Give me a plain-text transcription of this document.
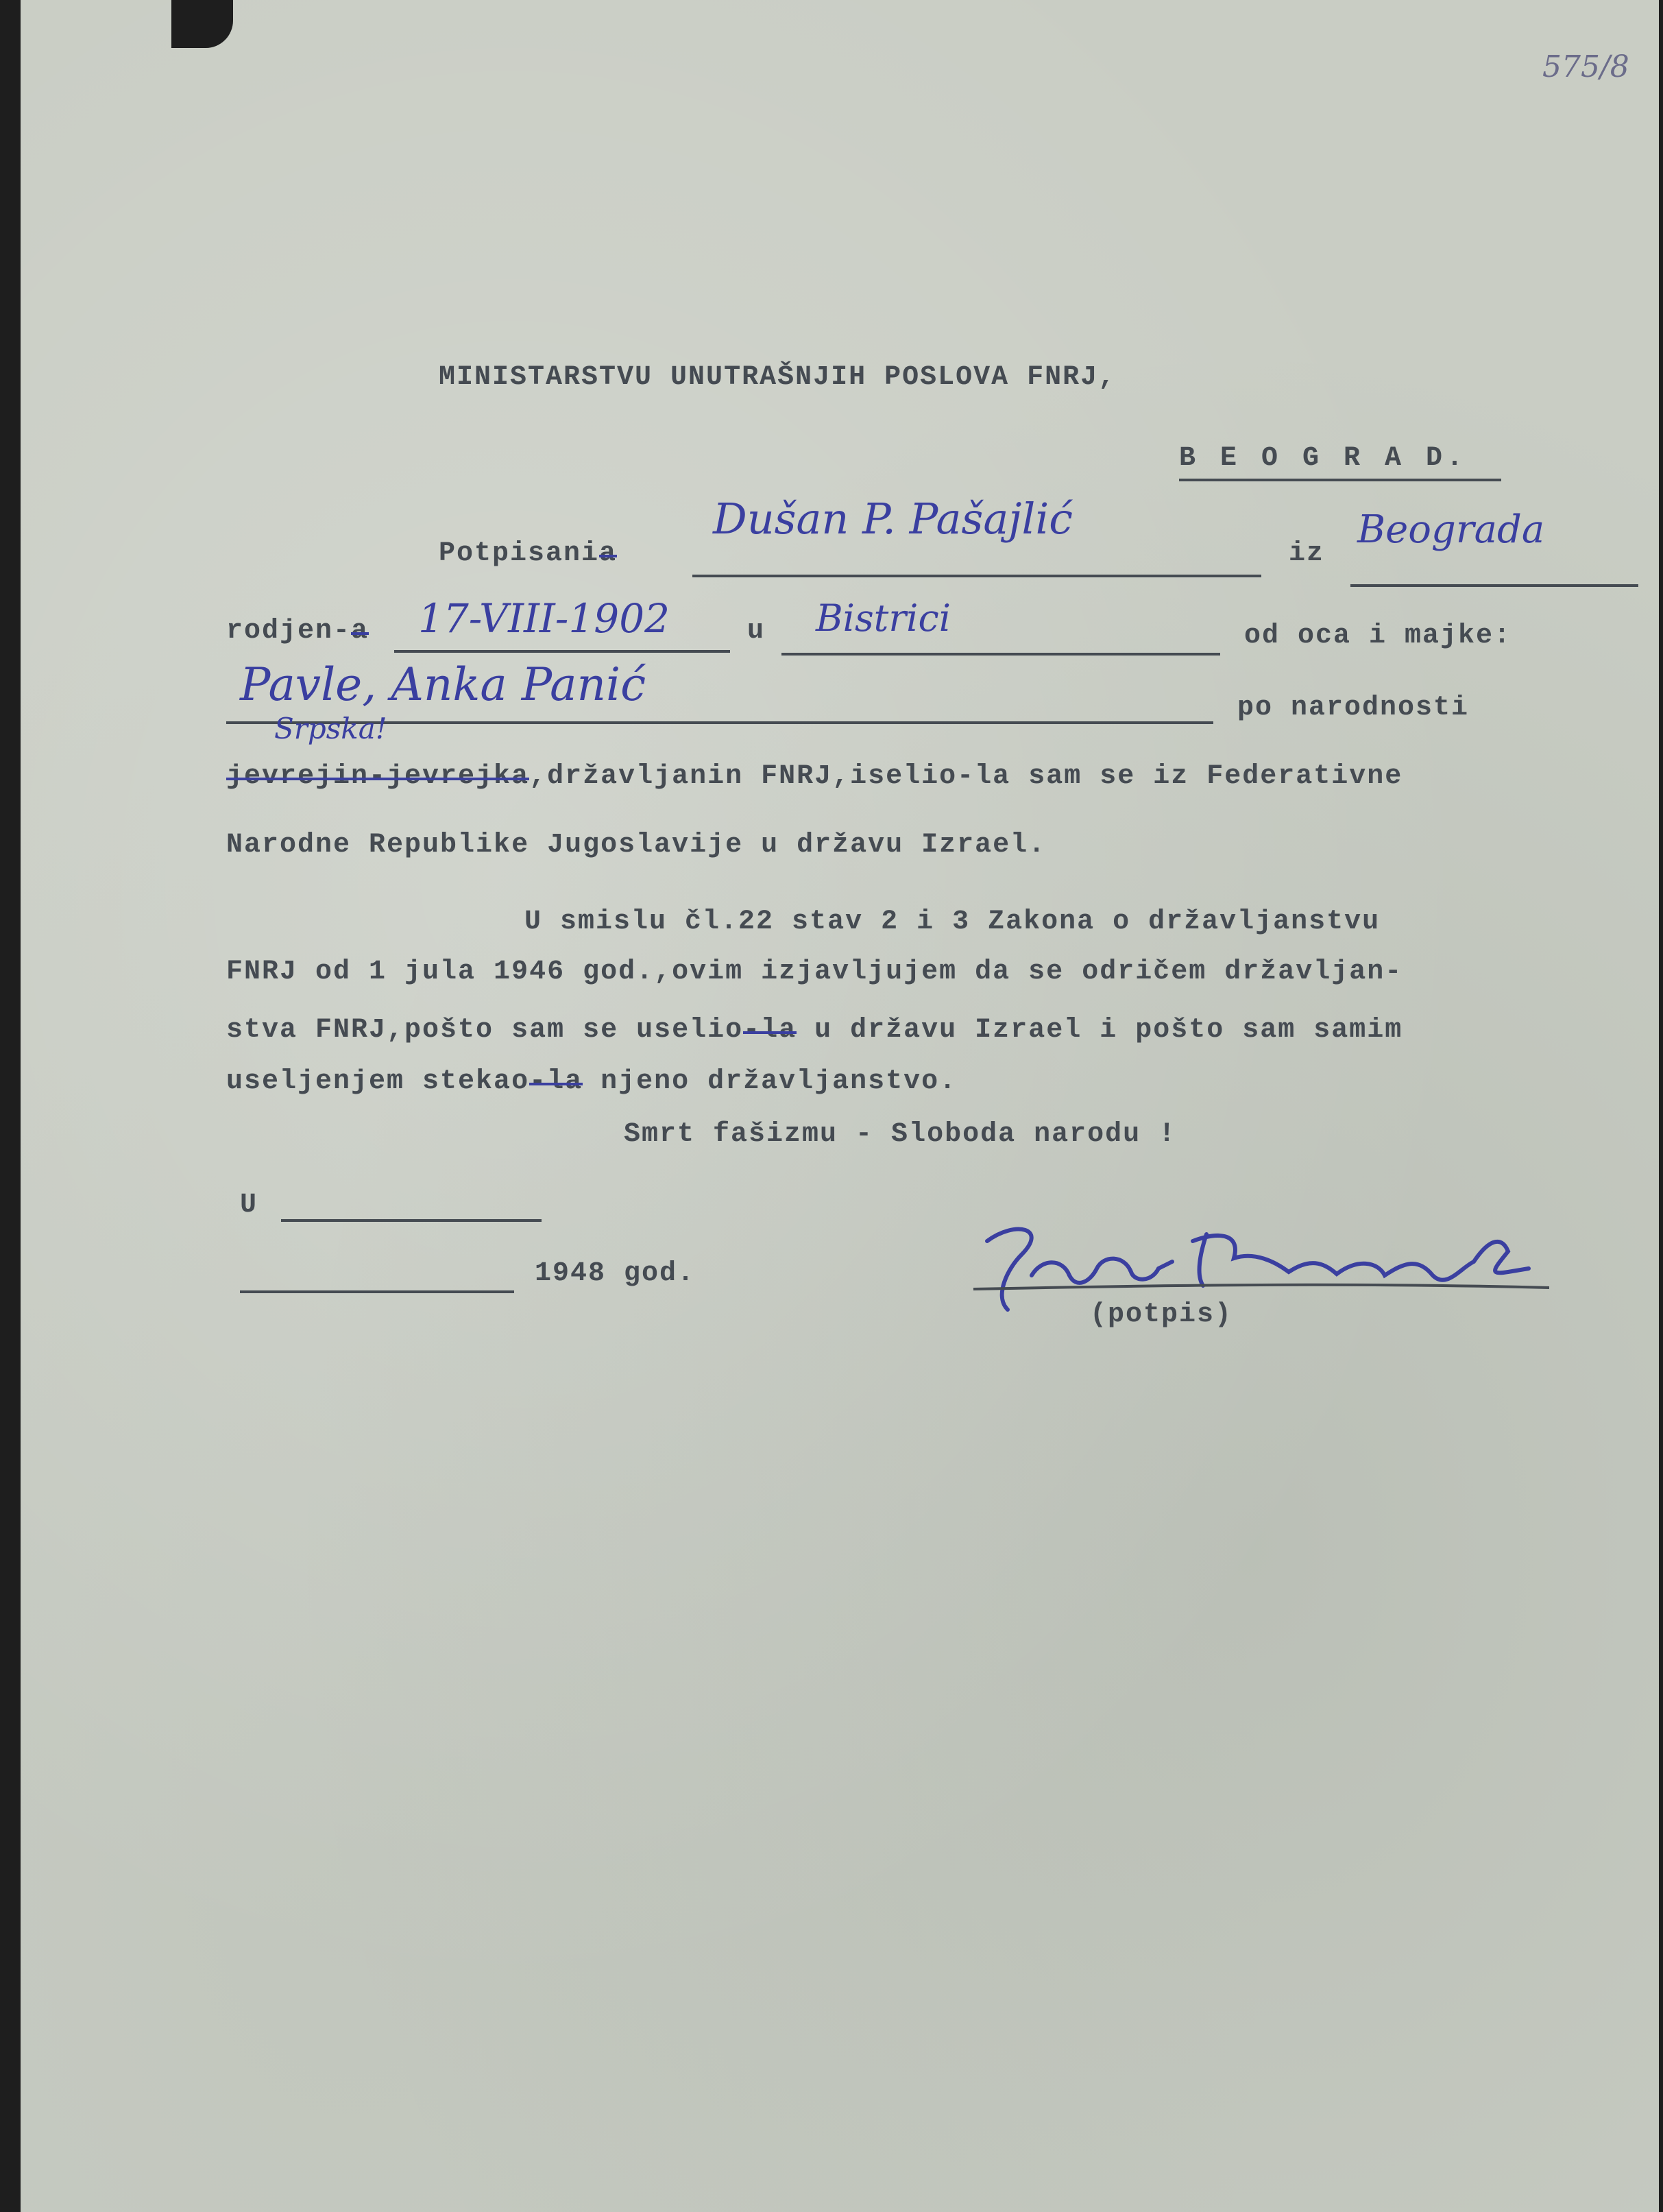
575/8
MINISTARSTVU UNUTRAŠNJIH POSLOVA FNRJ,
B E O G R A D.
Potpisania
Dušan P. Pašajlić
iz
Beograda
rodjen-a 17-VIII-1902	u Bistrici	od oca i majke:
Pavle, Anka Panić	po narodnosti
Srpska!
jevrejin-jevrejka,državljanin FNRJ,iselio-la sam se iz Federativne
Narodne Republike Jugoslavije u državu Izrael.
U smislu čl.22 stav 2 i 3 Zakona o državljanstvu
FNRJ od 1 jula 1946 god.,ovim izjavljujem da se odričem državljan-
stva FNRJ,pošto sam se uselio-la u državu Izrael i pošto sam samim
useljenjem stekao-la njeno državljanstvo.
Smrt fašizmu - Sloboda narodu !
U
1948 god.
(potpis)
